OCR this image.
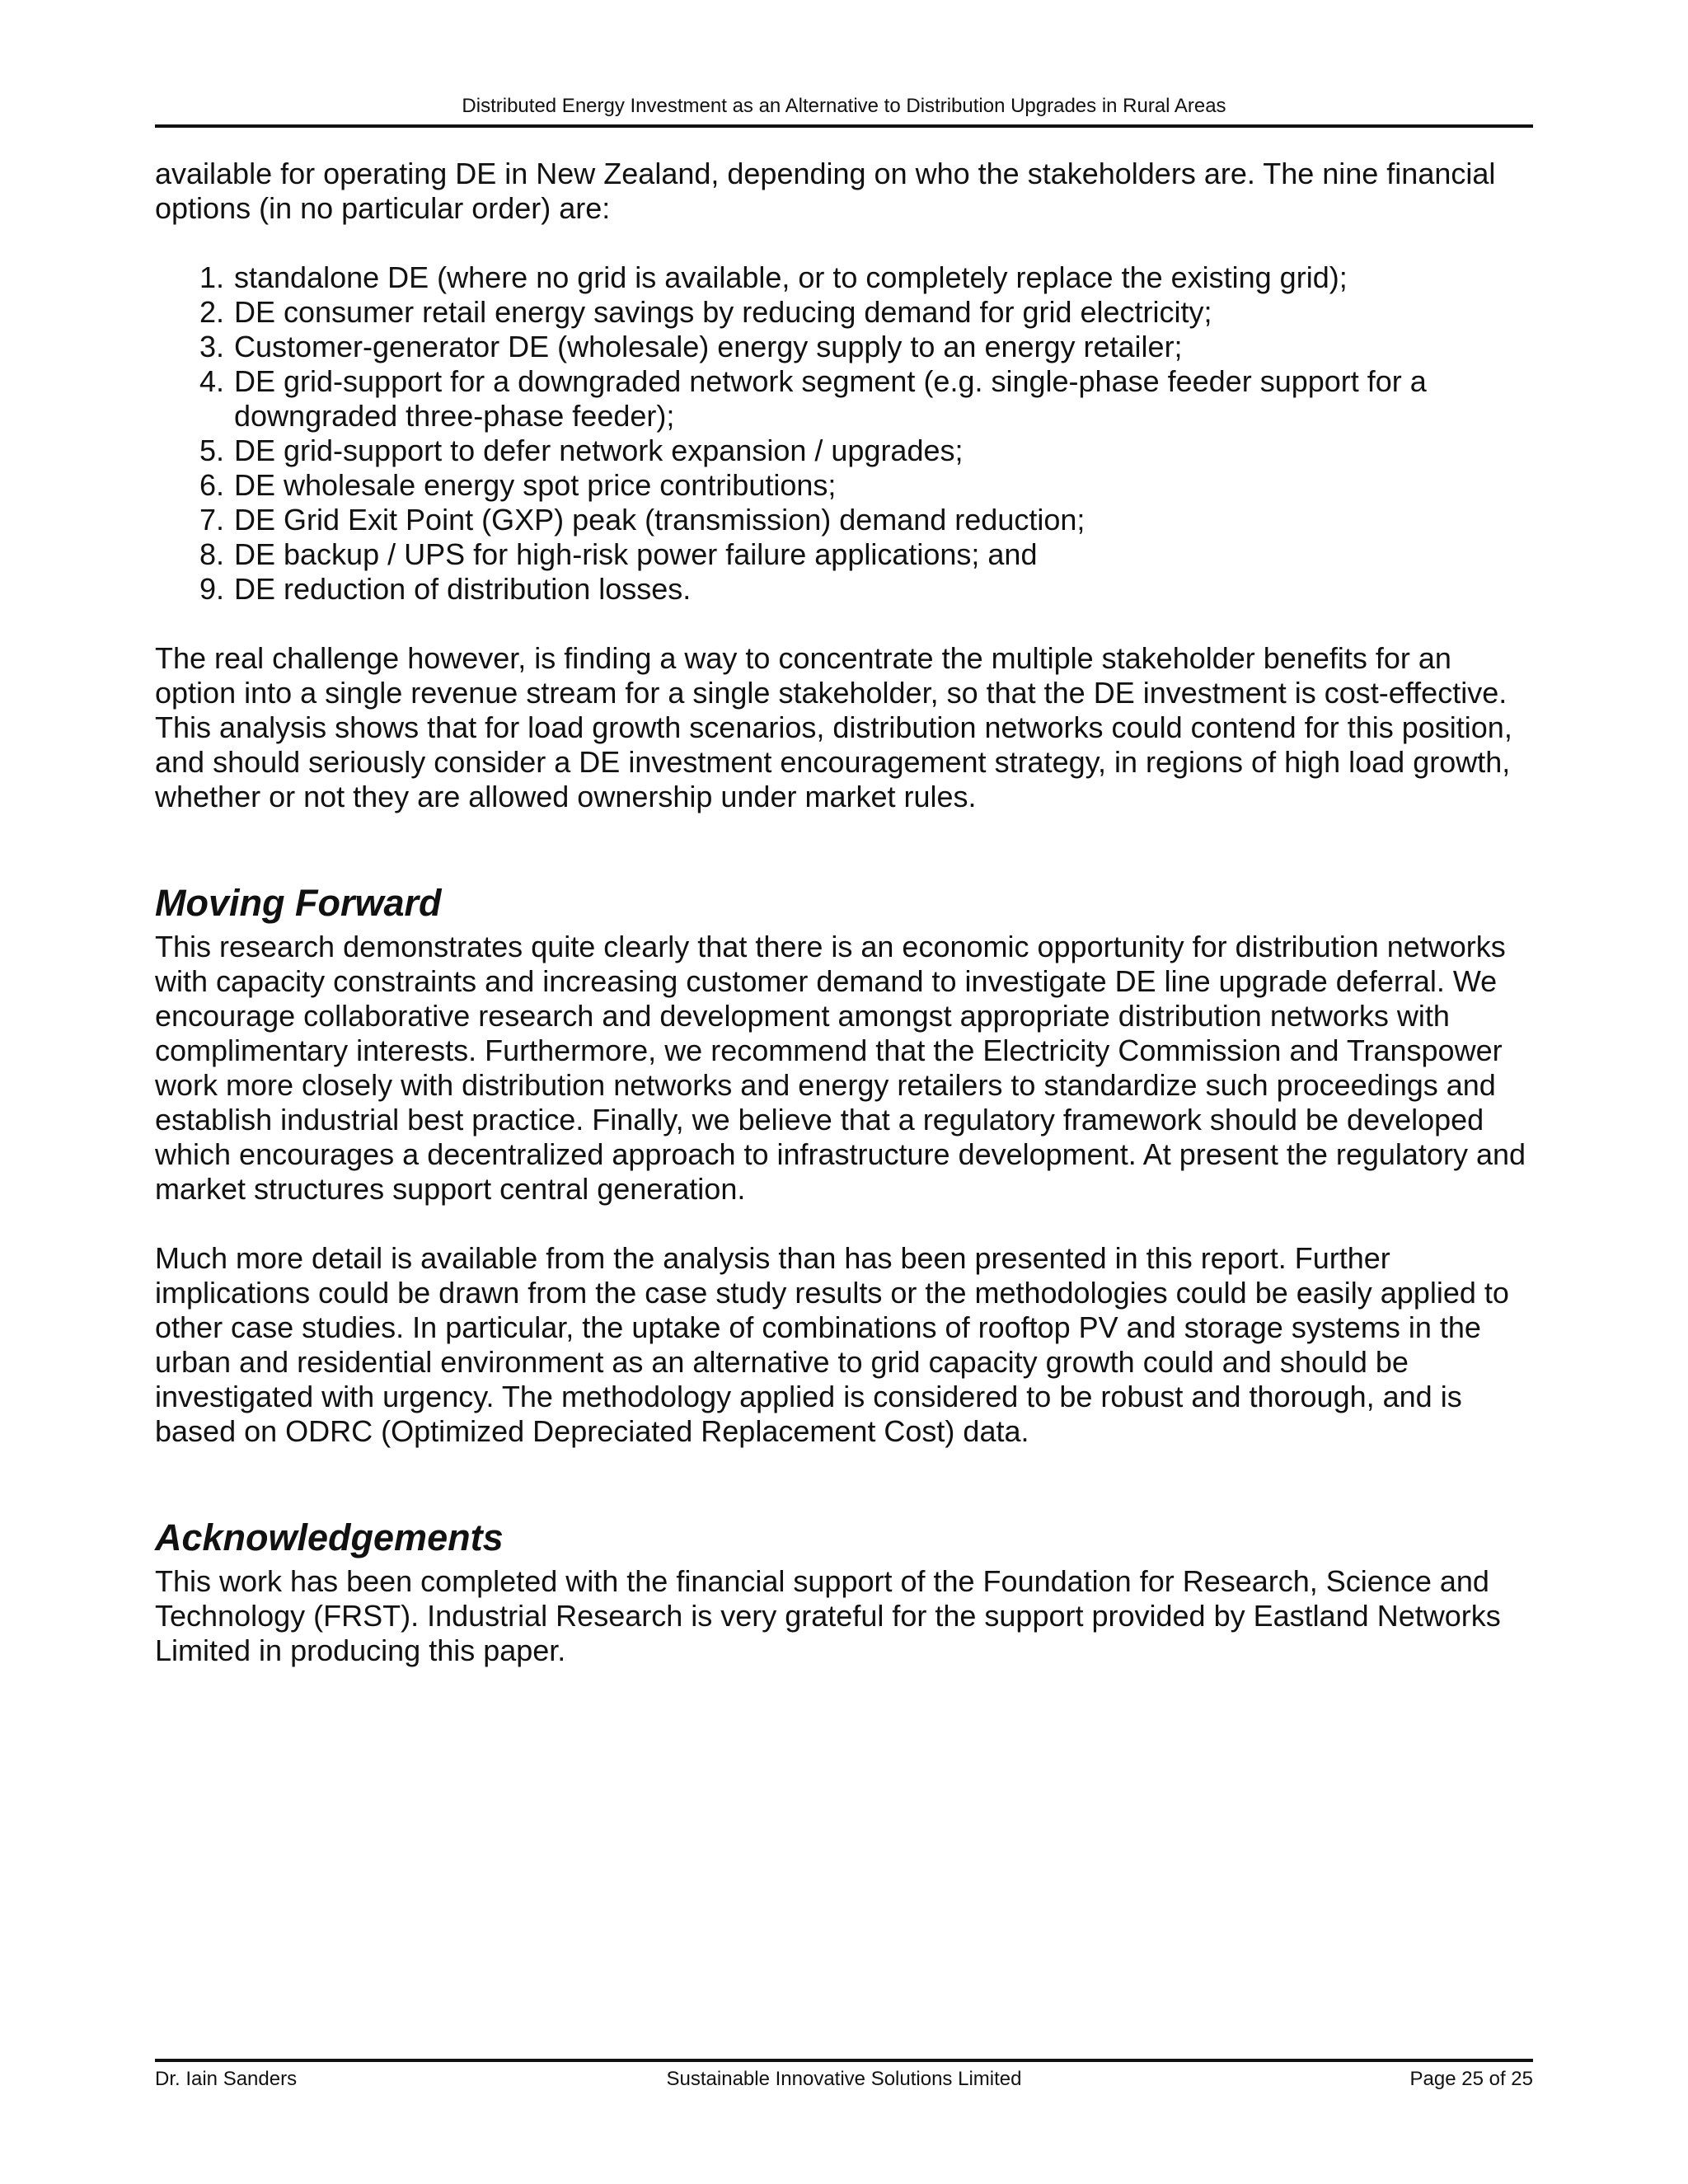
Distributed Energy Investment as an Alternative to Distribution Upgrades in Rural Areas

available for operating DE in New Zealand, depending on who the stakeholders are. The nine financial options (in no particular order) are:

1. standalone DE (where no grid is available, or to completely replace the existing grid);
2. DE consumer retail energy savings by reducing demand for grid electricity;
3. Customer-generator DE (wholesale) energy supply to an energy retailer;
4. DE grid-support for a downgraded network segment (e.g. single-phase feeder support for a downgraded three-phase feeder);
5. DE grid-support to defer network expansion / upgrades;
6. DE wholesale energy spot price contributions;
7. DE Grid Exit Point (GXP) peak (transmission) demand reduction;
8. DE backup / UPS for high-risk power failure applications; and
9. DE reduction of distribution losses.

The real challenge however, is finding a way to concentrate the multiple stakeholder benefits for an option into a single revenue stream for a single stakeholder, so that the DE investment is cost-effective. This analysis shows that for load growth scenarios, distribution networks could contend for this position, and should seriously consider a DE investment encouragement strategy, in regions of high load growth, whether or not they are allowed ownership under market rules.

Moving Forward

This research demonstrates quite clearly that there is an economic opportunity for distribution networks with capacity constraints and increasing customer demand to investigate DE line upgrade deferral. We encourage collaborative research and development amongst appropriate distribution networks with complimentary interests. Furthermore, we recommend that the Electricity Commission and Transpower work more closely with distribution networks and energy retailers to standardize such proceedings and establish industrial best practice. Finally, we believe that a regulatory framework should be developed which encourages a decentralized approach to infrastructure development. At present the regulatory and market structures support central generation.

Much more detail is available from the analysis than has been presented in this report. Further implications could be drawn from the case study results or the methodologies could be easily applied to other case studies. In particular, the uptake of combinations of rooftop PV and storage systems in the urban and residential environment as an alternative to grid capacity growth could and should be investigated with urgency. The methodology applied is considered to be robust and thorough, and is based on ODRC (Optimized Depreciated Replacement Cost) data.

Acknowledgements

This work has been completed with the financial support of the Foundation for Research, Science and Technology (FRST). Industrial Research is very grateful for the support provided by Eastland Networks Limited in producing this paper.

Dr. Iain Sanders	Sustainable Innovative Solutions Limited	Page 25 of 25
